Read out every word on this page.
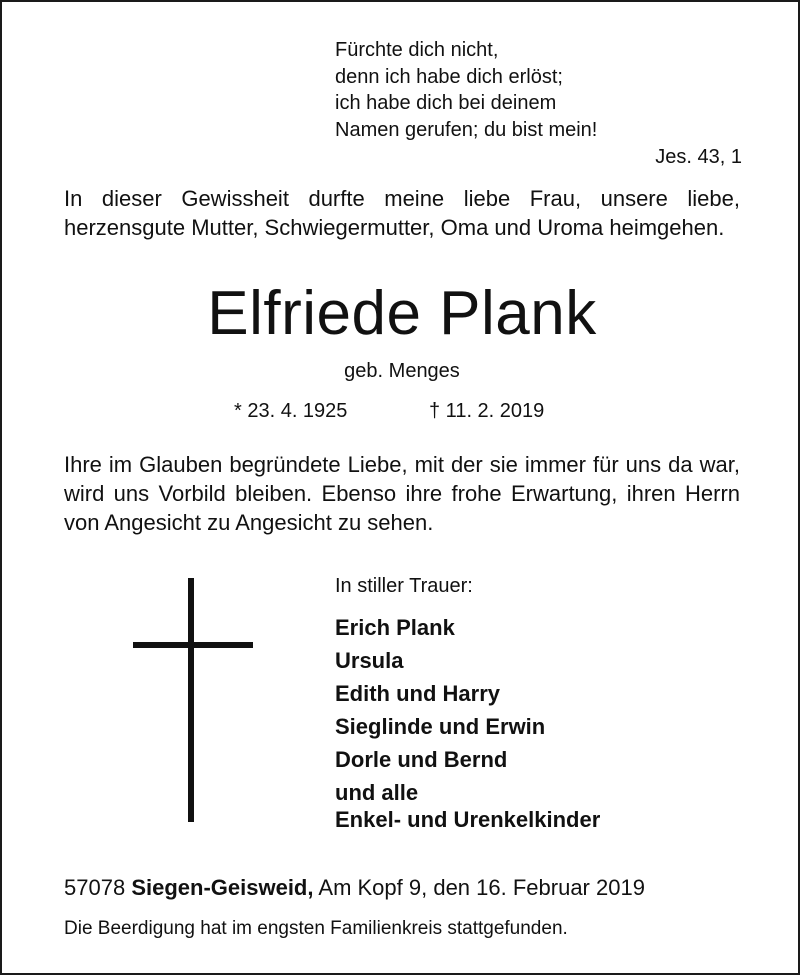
Fürchte dich nicht,
denn ich habe dich erlöst;
ich habe dich bei deinem
Namen gerufen; du bist mein!
Jes. 43, 1

In dieser Gewissheit durfte meine liebe Frau, unsere liebe, herzensgute Mutter, Schwiegermutter, Oma und Uroma heimgehen.

Elfriede Plank
geb. Menges
* 23. 4. 1925	† 11. 2. 2019

Ihre im Glauben begründete Liebe, mit der sie immer für uns da war, wird uns Vorbild bleiben. Ebenso ihre frohe Erwartung, ihren Herrn von Angesicht zu Angesicht zu sehen.

In stiller Trauer:
Erich Plank
Ursula
Edith und Harry
Sieglinde und Erwin
Dorle und Bernd
und alle
Enkel- und Urenkelkinder
57078 Siegen-Geisweid, Am Kopf 9, den 16. Februar 2019
Die Beerdigung hat im engsten Familienkreis stattgefunden.
